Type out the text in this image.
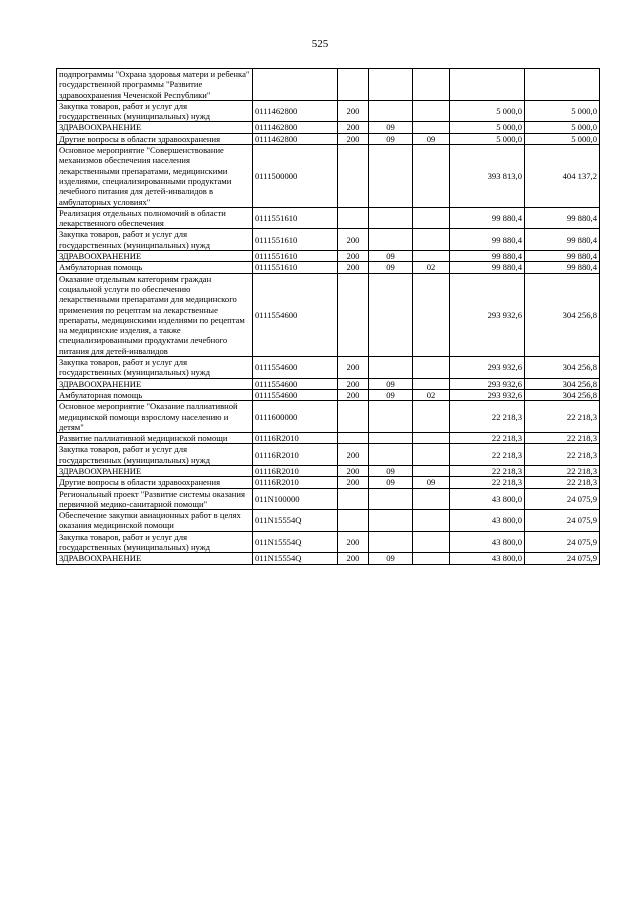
525
подпрограммы "Охрана здоровья матери и ребенка" государственной программы "Развитие здравоохранения Чеченской Республики"						
Закупка товаров, работ и услуг для государственных (муниципальных) нужд	0111462800	200			5 000,0	5 000,0
ЗДРАВООХРАНЕНИЕ	0111462800	200	09		5 000,0	5 000,0
Другие вопросы в области здравоохранения	0111462800	200	09	09	5 000,0	5 000,0
Основное мероприятие "Совершенствование механизмов обеспечения населения лекарственными препаратами, медицинскими изделиями, специализированными продуктами лечебного питания для детей-инвалидов в амбулаторных условиях"	0111500000				393 813,0	404 137,2
Реализация отдельных полномочий в области лекарственного обеспечения	0111551610				99 880,4	99 880,4
Закупка товаров, работ и услуг для государственных (муниципальных) нужд	0111551610	200			99 880,4	99 880,4
ЗДРАВООХРАНЕНИЕ	0111551610	200	09		99 880,4	99 880,4
Амбулаторная помощь	0111551610	200	09	02	99 880,4	99 880,4
Оказание отдельным категориям граждан социальной услуги по обеспечению лекарственными препаратами для медицинского применения по рецептам на лекарственные препараты, медицинскими изделиями по рецептам на медицинские изделия, а также специализированными продуктами лечебного питания для детей-инвалидов	0111554600				293 932,6	304 256,8
Закупка товаров, работ и услуг для государственных (муниципальных) нужд	0111554600	200			293 932,6	304 256,8
ЗДРАВООХРАНЕНИЕ	0111554600	200	09		293 932,6	304 256,8
Амбулаторная помощь	0111554600	200	09	02	293 932,6	304 256,8
Основное мероприятие "Оказание паллиативной медицинской помощи взрослому населению и детям"	0111600000				22 218,3	22 218,3
Развитие паллиативной медицинской помощи	01116R2010				22 218,3	22 218,3
Закупка товаров, работ и услуг для государственных (муниципальных) нужд	01116R2010	200			22 218,3	22 218,3
ЗДРАВООХРАНЕНИЕ	01116R2010	200	09		22 218,3	22 218,3
Другие вопросы в области здравоохранения	01116R2010	200	09	09	22 218,3	22 218,3
Региональный проект "Развитие системы оказания первичной медико-санитарной помощи"	011N100000				43 800,0	24 075,9
Обеспечение закупки авиационных работ в целях оказания медицинской помощи	011N15554Q				43 800,0	24 075,9
Закупка товаров, работ и услуг для государственных (муниципальных) нужд	011N15554Q	200			43 800,0	24 075,9
ЗДРАВООХРАНЕНИЕ	011N15554Q	200	09		43 800,0	24 075,9
